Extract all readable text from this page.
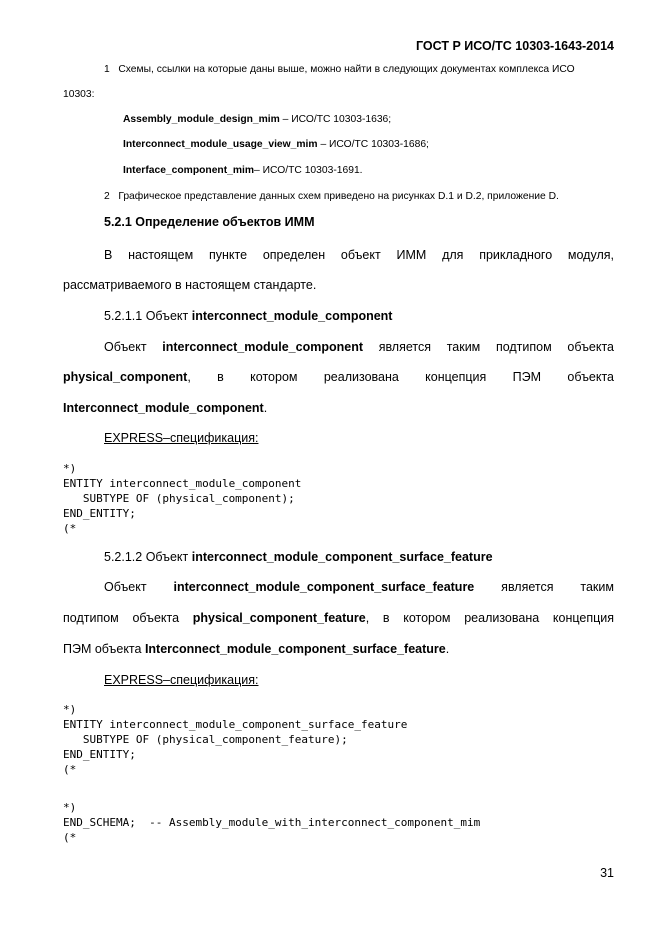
ГОСТ Р ИСО/ТС 10303-1643-2014
1 Схемы, ссылки на которые даны выше, можно найти в следующих документах комплекса ИСО
10303:
Assembly_module_design_mim – ИСО/ТС 10303-1636;
Interconnect_module_usage_view_mim – ИСО/ТС 10303-1686;
Interface_component_mim– ИСО/ТС 10303-1691.
2 Графическое представление данных схем приведено на рисунках D.1 и D.2, приложение D.
5.2.1 Определение объектов ИММ
В настоящем пункте определен объект ИММ для прикладного модуля,
рассматриваемого в настоящем стандарте.
5.2.1.1 Объект interconnect_module_component
Объект interconnect_module_component является таким подтипом объекта
physical_component, в котором реализована концепция ПЭМ объекта
Interconnect_module_component.
EXPRESS–спецификация:
*)
ENTITY interconnect_module_component
SUBTYPE OF (physical_component);
END_ENTITY;
(*
5.2.1.2 Объект interconnect_module_component_surface_feature
Объект interconnect_module_component_surface_feature является таким
подтипом объекта physical_component_feature, в котором реализована концепция
ПЭМ объекта Interconnect_module_component_surface_feature.
EXPRESS–спецификация:
*)
ENTITY interconnect_module_component_surface_feature
SUBTYPE OF (physical_component_feature);
END_ENTITY;
(*
*)
END_SCHEMA;  -- Assembly_module_with_interconnect_component_mim
(*
31
